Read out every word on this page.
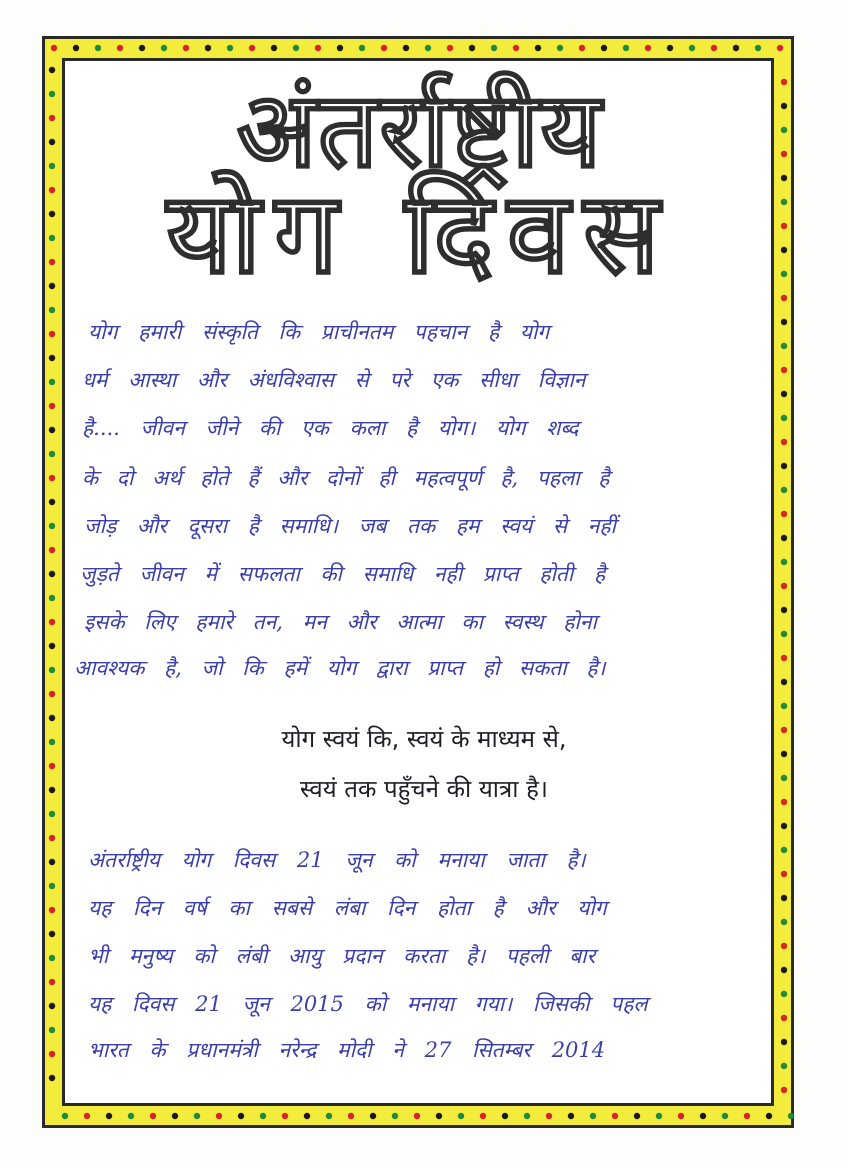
अंतर्राष्ट्रीय
योग दिवस
योग हमारी संस्कृति कि प्राचीनतम पहचान है योग
धर्म आस्था और अंधविश्वास से परे एक सीधा विज्ञान
है.... जीवन जीने की एक कला है योग। योग शब्द
के दो अर्थ होते हैं और दोनों ही महत्वपूर्ण है, पहला है
जोड़ और दूसरा है समाधि। जब तक हम स्वयं से नहीं
जुड़ते जीवन में सफलता की समाधि नही प्राप्त होती है
इसके लिए हमारे तन, मन और आत्मा का स्वस्थ होना
आवश्यक है, जो कि हमें योग द्वारा प्राप्त हो सकता है।
योग स्वयं कि, स्वयं के माध्यम से,
स्वयं तक पहुँचने की यात्रा है।
अंतर्राष्ट्रीय योग दिवस 21 जून को मनाया जाता है।
यह दिन वर्ष का सबसे लंबा दिन होता है और योग
भी मनुष्य को लंबी आयु प्रदान करता है। पहली बार
यह दिवस 21 जून 2015 को मनाया गया। जिसकी पहल
भारत के प्रधानमंत्री नरेन्द्र मोदी ने 27 सितम्बर 2014
